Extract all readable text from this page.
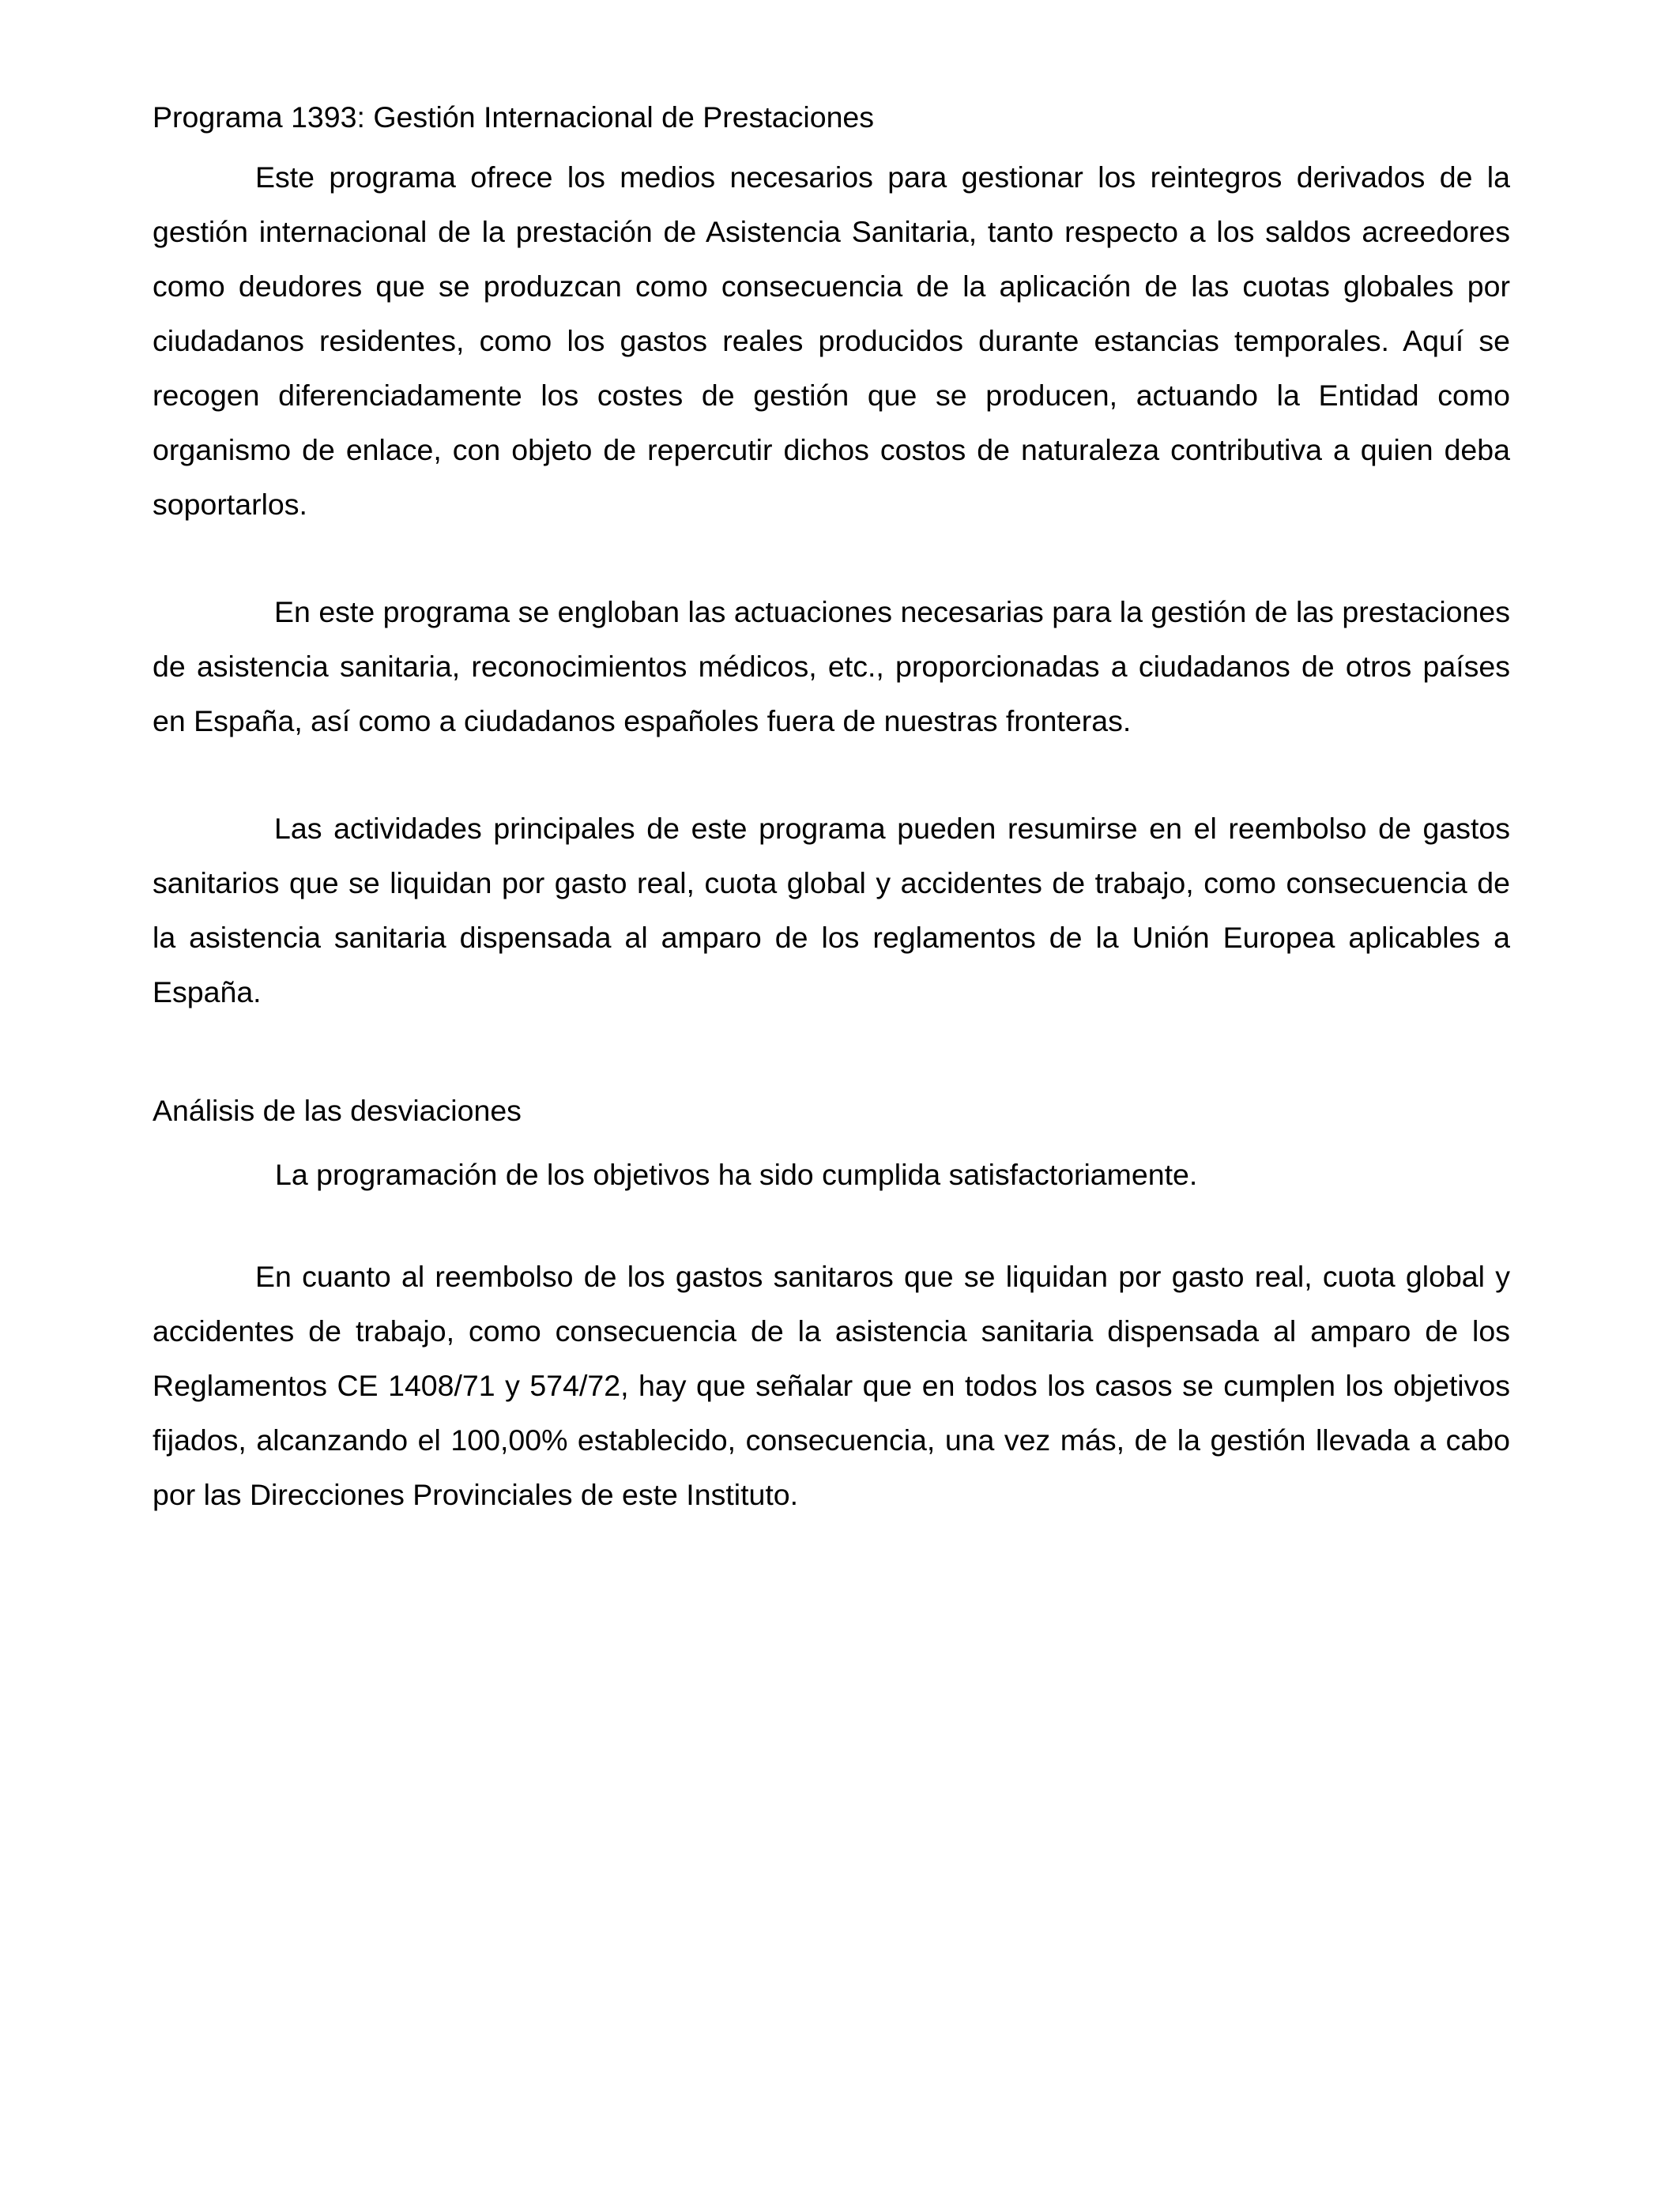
Programa 1393: Gestión Internacional de Prestaciones

Este programa ofrece los medios necesarios para gestionar los reintegros derivados de la gestión internacional de la prestación de Asistencia Sanitaria, tanto respecto a los saldos acreedores como deudores que se produzcan como consecuencia de la aplicación de las cuotas globales por ciudadanos residentes, como los gastos reales producidos durante estancias temporales. Aquí se recogen diferenciadamente los costes de gestión que se producen, actuando la Entidad como organismo de enlace, con objeto de repercutir dichos costos de naturaleza contributiva a quien deba soportarlos.

En este programa se engloban las actuaciones necesarias para la gestión de las prestaciones de asistencia sanitaria, reconocimientos médicos, etc., proporcionadas a ciudadanos de otros países en España, así como a ciudadanos españoles fuera de nuestras fronteras.

Las actividades principales de este programa pueden resumirse en el reembolso de gastos sanitarios que se liquidan por gasto real, cuota global y accidentes de trabajo, como consecuencia de la asistencia sanitaria dispensada al amparo de los reglamentos de la Unión Europea aplicables a España.

Análisis de las desviaciones

La programación de los objetivos ha sido cumplida satisfactoriamente.

En cuanto al reembolso de los gastos sanitaros que se liquidan por gasto real, cuota global y accidentes de trabajo, como consecuencia de la asistencia sanitaria dispensada al amparo de los Reglamentos CE 1408/71 y 574/72, hay que señalar que en todos los casos se cumplen los objetivos fijados, alcanzando el 100,00% establecido, consecuencia, una vez más, de la gestión llevada a cabo por las Direcciones Provinciales de este Instituto.
